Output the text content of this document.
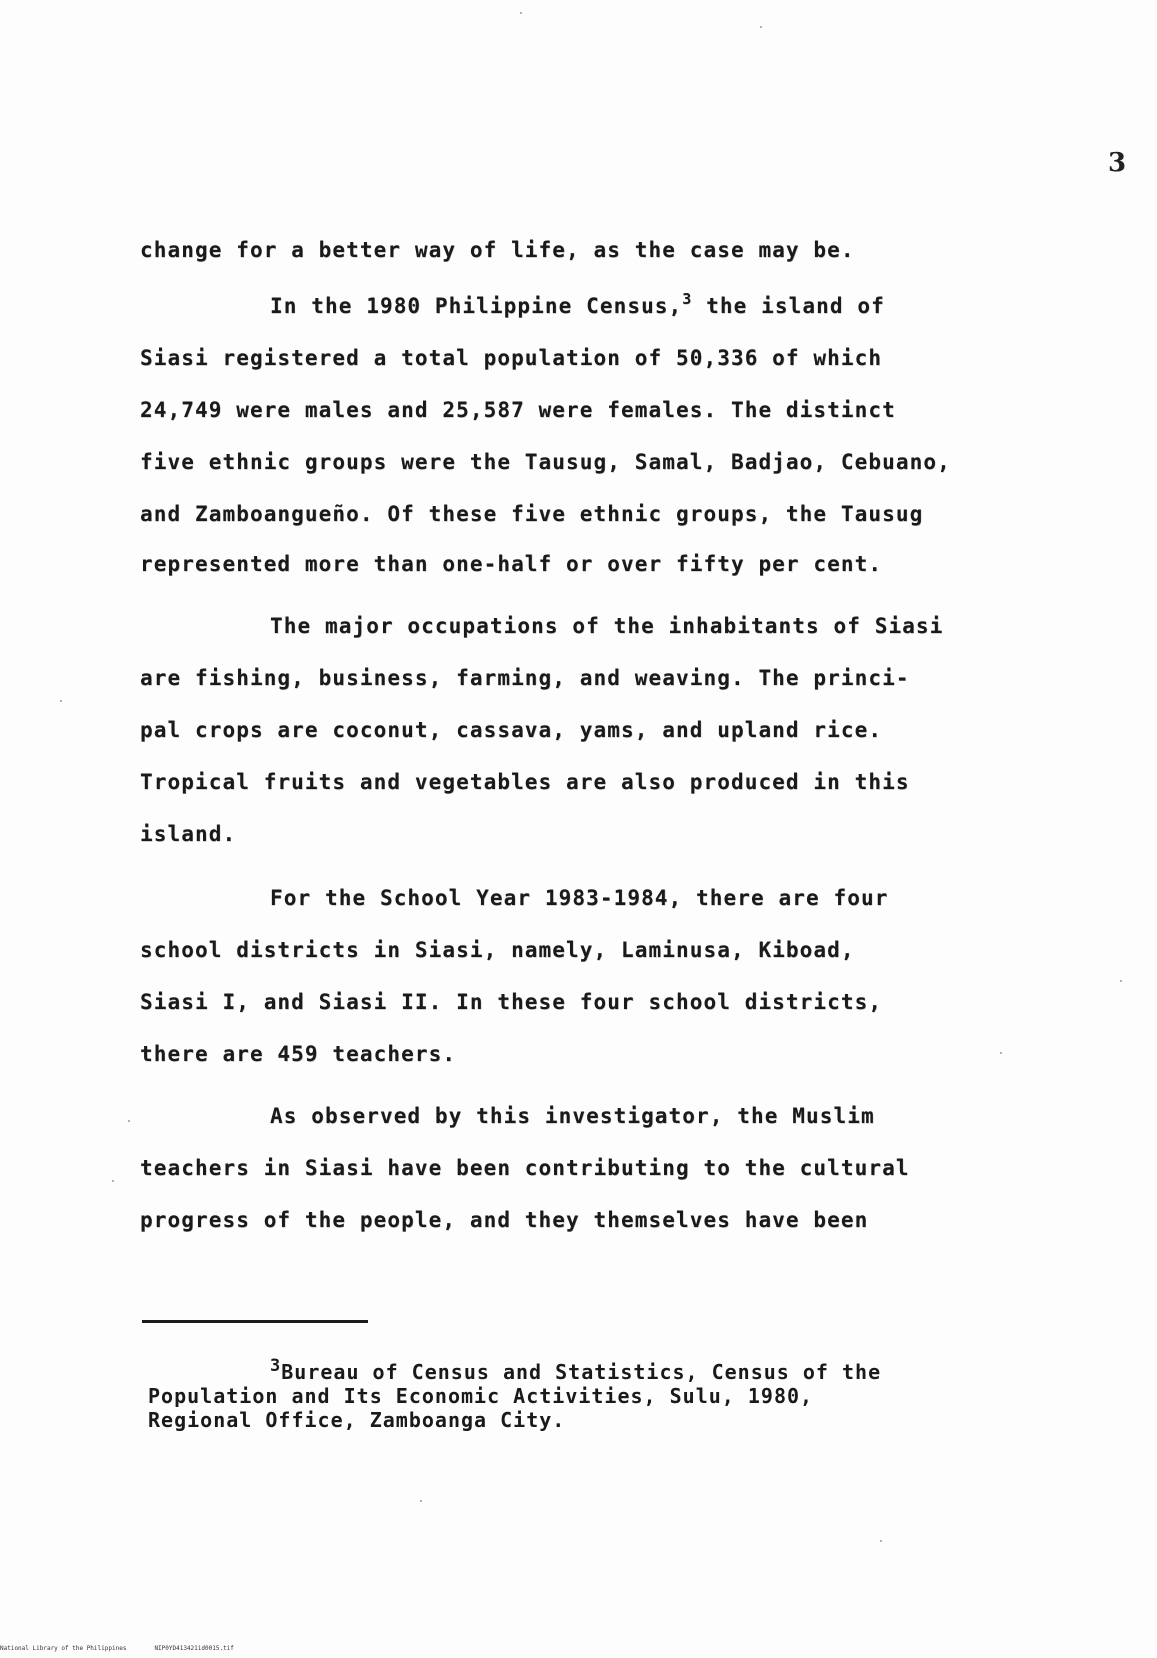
3
change for a better way of life, as the case may be.
In the 1980 Philippine Census,$^3$ the island of
Siasi registered a total population of 50,336 of which
24,749 were males and 25,587 were females. The distinct
five ethnic groups were the Tausug, Samal, Badjao, Cebuano,
and Zamboangueño. Of these five ethnic groups, the Tausug
represented more than one-half or over fifty per cent.
The major occupations of the inhabitants of Siasi
are fishing, business, farming, and weaving. The princi-
pal crops are coconut, cassava, yams, and upland rice.
Tropical fruits and vegetables are also produced in this
island.
For the School Year 1983-1984, there are four
school districts in Siasi, namely, Laminusa, Kiboad,
Siasi I, and Siasi II. In these four school districts,
there are 459 teachers.
As observed by this investigator, the Muslim
teachers in Siasi have been contributing to the cultural
progress of the people, and they themselves have been
$^3$Bureau of Census and Statistics, Census of the
Population and Its Economic Activities, Sulu, 1980,
Regional Office, Zamboanga City.
National Library of the Philippines	NIP0YD413421id0015.tif
